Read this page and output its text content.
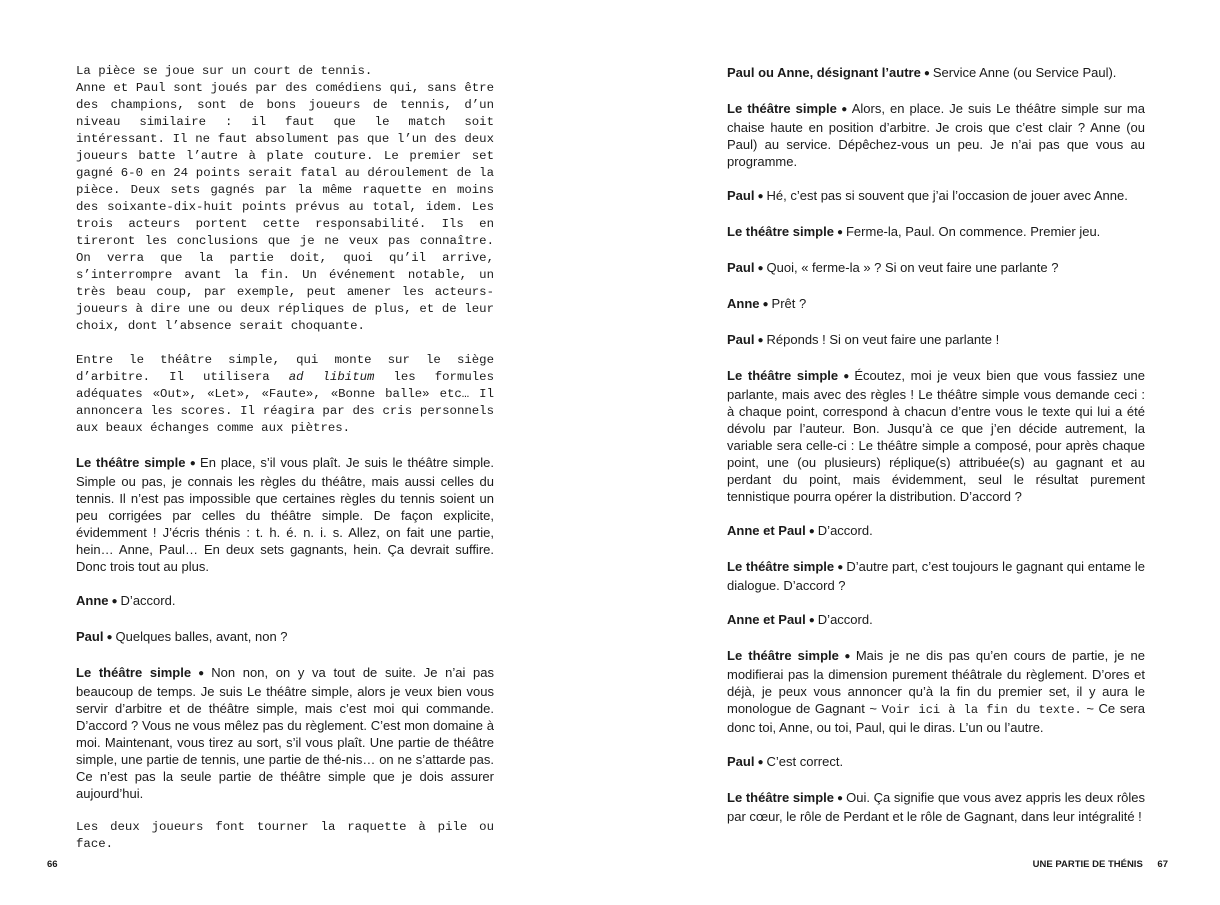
La pièce se joue sur un court de tennis.

Anne et Paul sont joués par des comédiens qui, sans être des champions, sont de bons joueurs de tennis, d’un niveau similaire : il faut que le match soit intéressant. Il ne faut absolument pas que l’un des deux joueurs batte l’autre à plate couture. Le premier set gagné 6-0 en 24 points serait fatal au déroulement de la pièce. Deux sets gagnés par la même raquette en moins des soixante-dix-huit points prévus au total, idem. Les trois acteurs portent cette responsabilité. Ils en tireront les conclusions que je ne veux pas connaître. On verra que la partie doit, quoi qu’il arrive, s’interrompre avant la fin. Un événement notable, un très beau coup, par exemple, peut amener les acteurs-joueurs à dire une ou deux répliques de plus, et de leur choix, dont l’absence serait choquante.

Entre le théâtre simple, qui monte sur le siège d’arbitre. Il utilisera ad libitum les formules adéquates «Out», «Let», «Faute», «Bonne balle» etc… Il annoncera les scores. Il réagira par des cris personnels aux beaux échanges comme aux piètres.

Le théâtre simple ● En place, s’il vous plaît. Je suis le théâtre simple. Simple ou pas, je connais les règles du théâtre, mais aussi celles du tennis. Il n’est pas impossible que certaines règles du tennis soient un peu corrigées par celles du théâtre simple. De façon explicite, évidemment ! J’écris thénis : t. h. é. n. i. s. Allez, on fait une partie, hein… Anne, Paul… En deux sets gagnants, hein. Ça devrait suffire. Donc trois tout au plus.

Anne ● D’accord.

Paul ● Quelques balles, avant, non ?

Le théâtre simple ● Non non, on y va tout de suite. Je n’ai pas beaucoup de temps. Je suis Le théâtre simple, alors je veux bien vous servir d’arbitre et de théâtre simple, mais c’est moi qui commande. D’accord ? Vous ne vous mêlez pas du règlement. C’est mon domaine à moi. Maintenant, vous tirez au sort, s’il vous plaît. Une partie de théâtre simple, une partie de tennis, une partie de thé-nis… on ne s’attarde pas. Ce n’est pas la seule partie de théâtre simple que je dois assurer aujourd’hui.

Les deux joueurs font tourner la raquette à pile ou face.

66

Paul ou Anne, désignant l’autre ● Service Anne (ou Service Paul).

Le théâtre simple ● Alors, en place. Je suis Le théâtre simple sur ma chaise haute en position d’arbitre. Je crois que c’est clair ? Anne (ou Paul) au service. Dépêchez-vous un peu. Je n’ai pas que vous au programme.

Paul ● Hé, c’est pas si souvent que j’ai l’occasion de jouer avec Anne.

Le théâtre simple ● Ferme-la, Paul. On commence. Premier jeu.

Paul ● Quoi, « ferme-la » ? Si on veut faire une parlante ?

Anne ● Prêt ?

Paul ● Réponds ! Si on veut faire une parlante !

Le théâtre simple ● Écoutez, moi je veux bien que vous fassiez une parlante, mais avec des règles ! Le théâtre simple vous demande ceci : à chaque point, correspond à chacun d’entre vous le texte qui lui a été dévolu par l’auteur. Bon. Jusqu’à ce que j’en décide autrement, la variable sera celle-ci : Le théâtre simple a composé, pour après chaque point, une (ou plusieurs) réplique(s) attribuée(s) au gagnant et au perdant du point, mais évidemment, seul le résultat purement tennistique pourra opérer la distribution. D’accord ?

Anne et Paul ● D’accord.

Le théâtre simple ● D’autre part, c’est toujours le gagnant qui entame le dialogue. D’accord ?

Anne et Paul ● D’accord.

Le théâtre simple ● Mais je ne dis pas qu’en cours de partie, je ne modifierai pas la dimension purement théâtrale du règlement. D’ores et déjà, je peux vous annoncer qu’à la fin du premier set, il y aura le monologue de Gagnant ~ Voir ici à la fin du texte. ~ Ce sera donc toi, Anne, ou toi, Paul, qui le diras. L’un ou l’autre.

Paul ● C’est correct.

Le théâtre simple ● Oui. Ça signifie que vous avez appris les deux rôles par cœur, le rôle de Perdant et le rôle de Gagnant, dans leur intégralité !

UNE PARTIE DE THÉNIS 67
